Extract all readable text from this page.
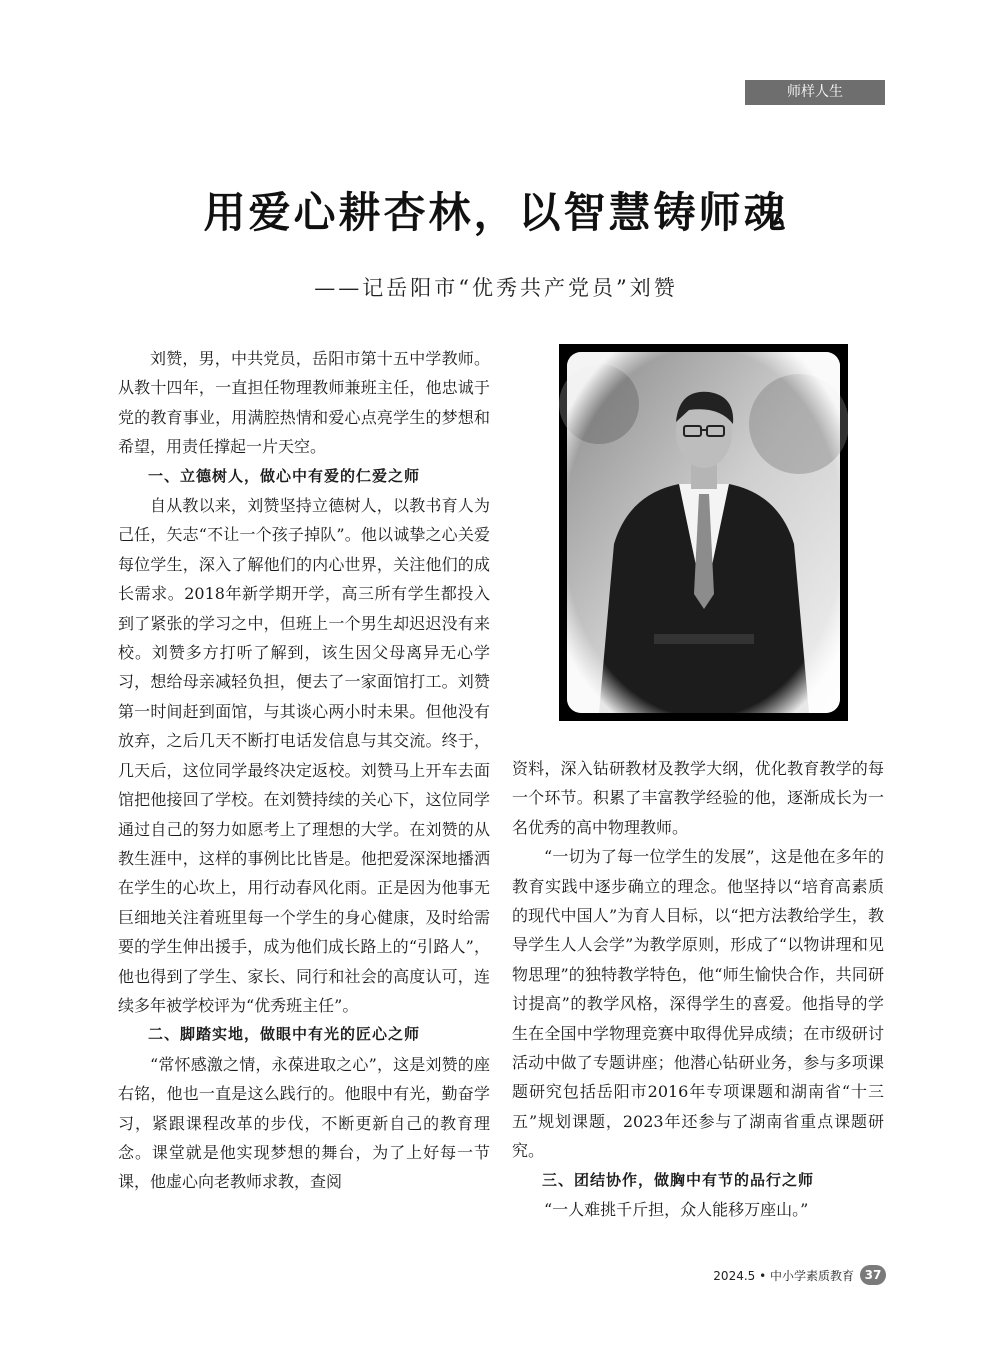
师样人生
用爱心耕杏林，以智慧铸师魂
——记岳阳市“优秀共产党员”刘赞

刘赞，男，中共党员，岳阳市第十五中学教师。从教十四年，一直担任物理教师兼班主任，他忠诚于党的教育事业，用满腔热情和爱心点亮学生的梦想和希望，用责任撑起一片天空。

一、立德树人，做心中有爱的仁爱之师

自从教以来，刘赞坚持立德树人，以教书育人为己任，矢志“不让一个孩子掉队”。他以诚挚之心关爱每位学生，深入了解他们的内心世界，关注他们的成长需求。2018年新学期开学，高三所有学生都投入到了紧张的学习之中，但班上一个男生却迟迟没有来校。刘赞多方打听了解到，该生因父母离异无心学习，想给母亲减轻负担，便去了一家面馆打工。刘赞第一时间赶到面馆，与其谈心两小时未果。但他没有放弃，之后几天不断打电话发信息与其交流。终于，几天后，这位同学最终决定返校。刘赞马上开车去面馆把他接回了学校。在刘赞持续的关心下，这位同学通过自己的努力如愿考上了理想的大学。在刘赞的从教生涯中，这样的事例比比皆是。他把爱深深地播洒在学生的心坎上，用行动春风化雨。正是因为他事无巨细地关注着班里每一个学生的身心健康，及时给需要的学生伸出援手，成为他们成长路上的“引路人”，他也得到了学生、家长、同行和社会的高度认可，连续多年被学校评为“优秀班主任”。

二、脚踏实地，做眼中有光的匠心之师

“常怀感激之情，永葆进取之心”，这是刘赞的座右铭，他也一直是这么践行的。他眼中有光，勤奋学习，紧跟课程改革的步伐，不断更新自己的教育理念。课堂就是他实现梦想的舞台，为了上好每一节课，他虚心向老教师求教，查阅

资料，深入钻研教材及教学大纲，优化教育教学的每一个环节。积累了丰富教学经验的他，逐渐成长为一名优秀的高中物理教师。

“一切为了每一位学生的发展”，这是他在多年的教育实践中逐步确立的理念。他坚持以“培育高素质的现代中国人”为育人目标，以“把方法教给学生，教导学生人人会学”为教学原则，形成了“以物讲理和见物思理”的独特教学特色，他“师生愉快合作，共同研讨提高”的教学风格，深得学生的喜爱。他指导的学生在全国中学物理竞赛中取得优异成绩；在市级研讨活动中做了专题讲座；他潜心钻研业务，参与多项课题研究包括岳阳市2016年专项课题和湖南省“十三五”规划课题，2023年还参与了湖南省重点课题研究。

三、团结协作，做胸中有节的品行之师

“一人难挑千斤担，众人能移万座山。”

2024.5 • 中小学素质教育 37
